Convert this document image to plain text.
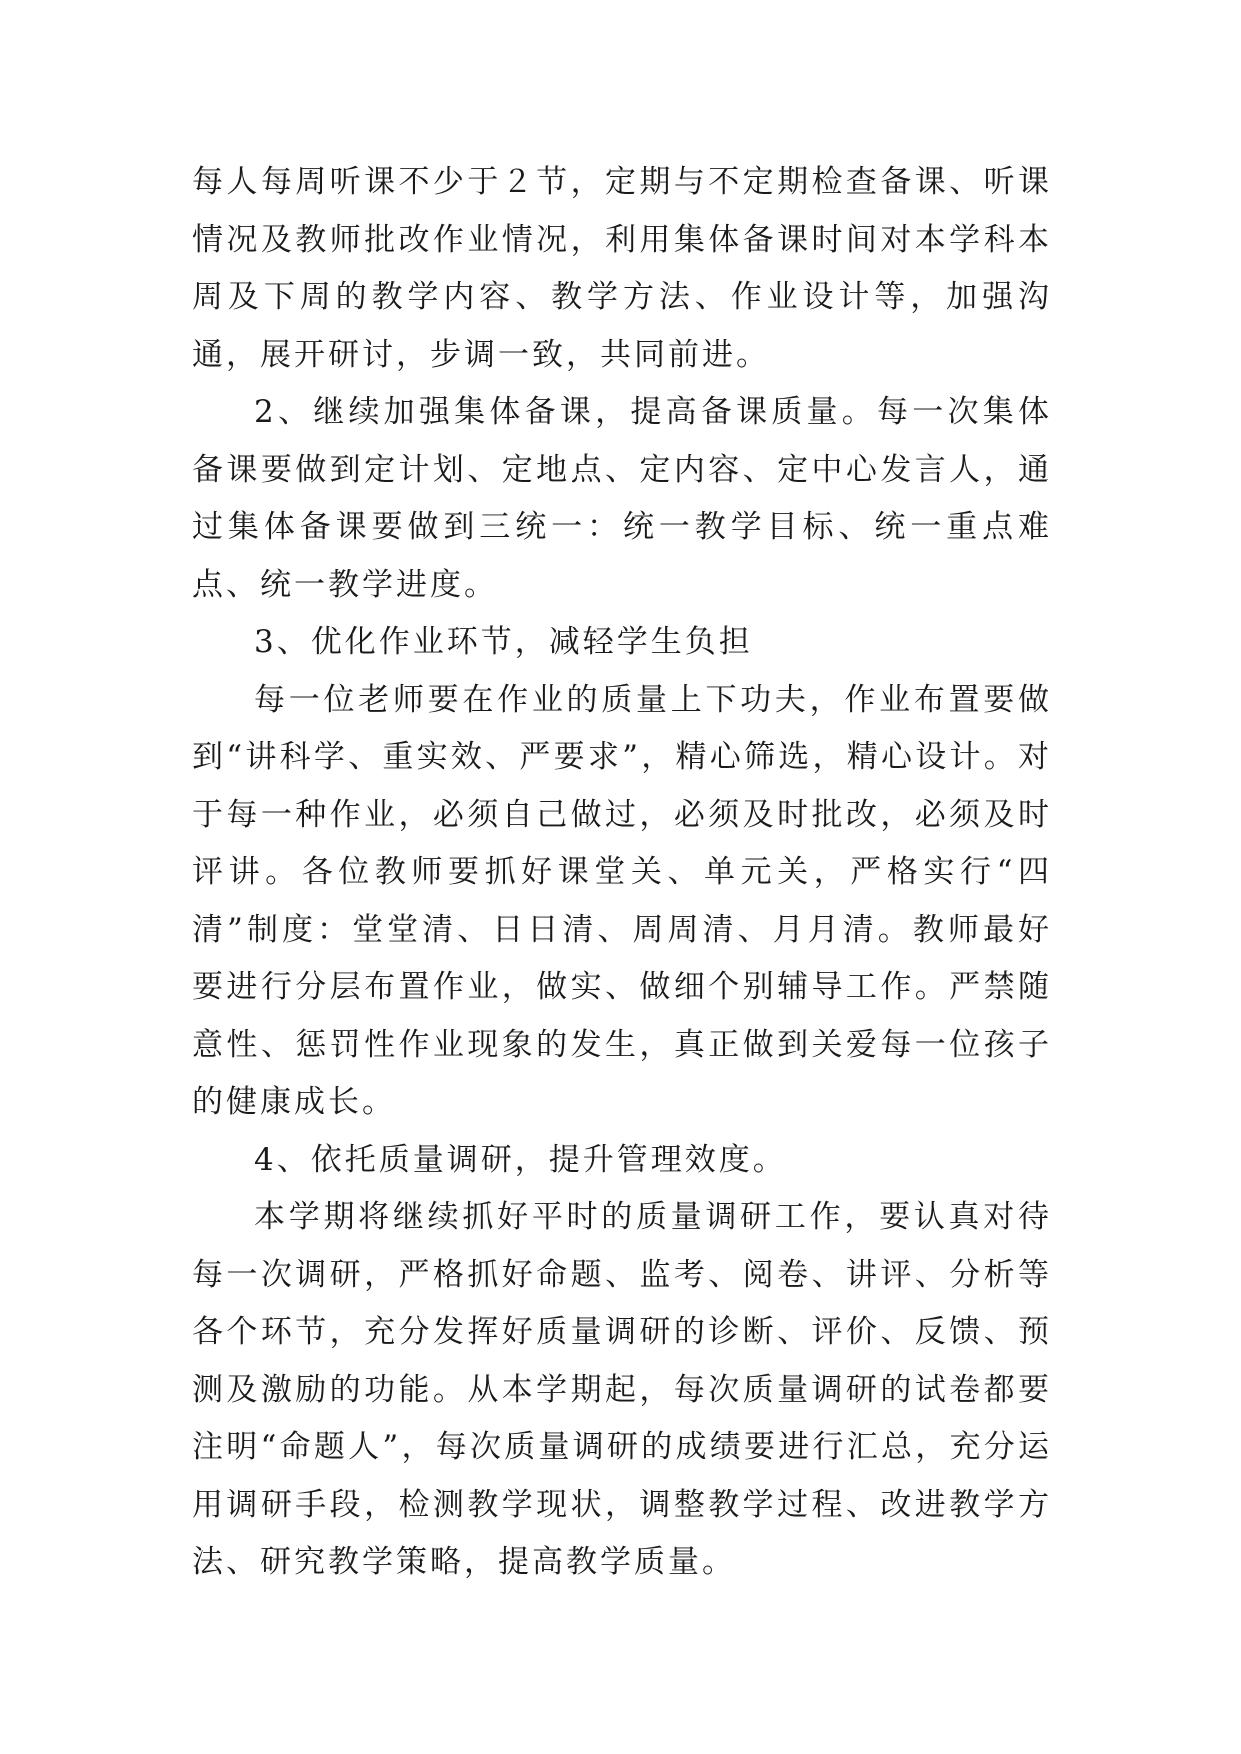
每人每周听课不少于２节，定期与不定期检查备课、听课情况及教师批改作业情况，利用集体备课时间对本学科本周及下周的教学内容、教学方法、作业设计等，加强沟通，展开研讨，步调一致，共同前进。

2、继续加强集体备课，提高备课质量。每一次集体备课要做到定计划、定地点、定内容、定中心发言人，通过集体备课要做到三统一：统一教学目标、统一重点难点、统一教学进度。

3、优化作业环节，减轻学生负担

每一位老师要在作业的质量上下功夫，作业布置要做到“讲科学、重实效、严要求”，精心筛选，精心设计。对于每一种作业，必须自己做过，必须及时批改，必须及时评讲。各位教师要抓好课堂关、单元关，严格实行“四清”制度：堂堂清、日日清、周周清、月月清。教师最好要进行分层布置作业，做实、做细个别辅导工作。严禁随意性、惩罚性作业现象的发生，真正做到关爱每一位孩子的健康成长。

4、依托质量调研，提升管理效度。

本学期将继续抓好平时的质量调研工作，要认真对待每一次调研，严格抓好命题、监考、阅卷、讲评、分析等各个环节，充分发挥好质量调研的诊断、评价、反馈、预测及激励的功能。从本学期起，每次质量调研的试卷都要注明“命题人”，每次质量调研的成绩要进行汇总，充分运用调研手段，检测教学现状，调整教学过程、改进教学方法、研究教学策略，提高教学质量。
